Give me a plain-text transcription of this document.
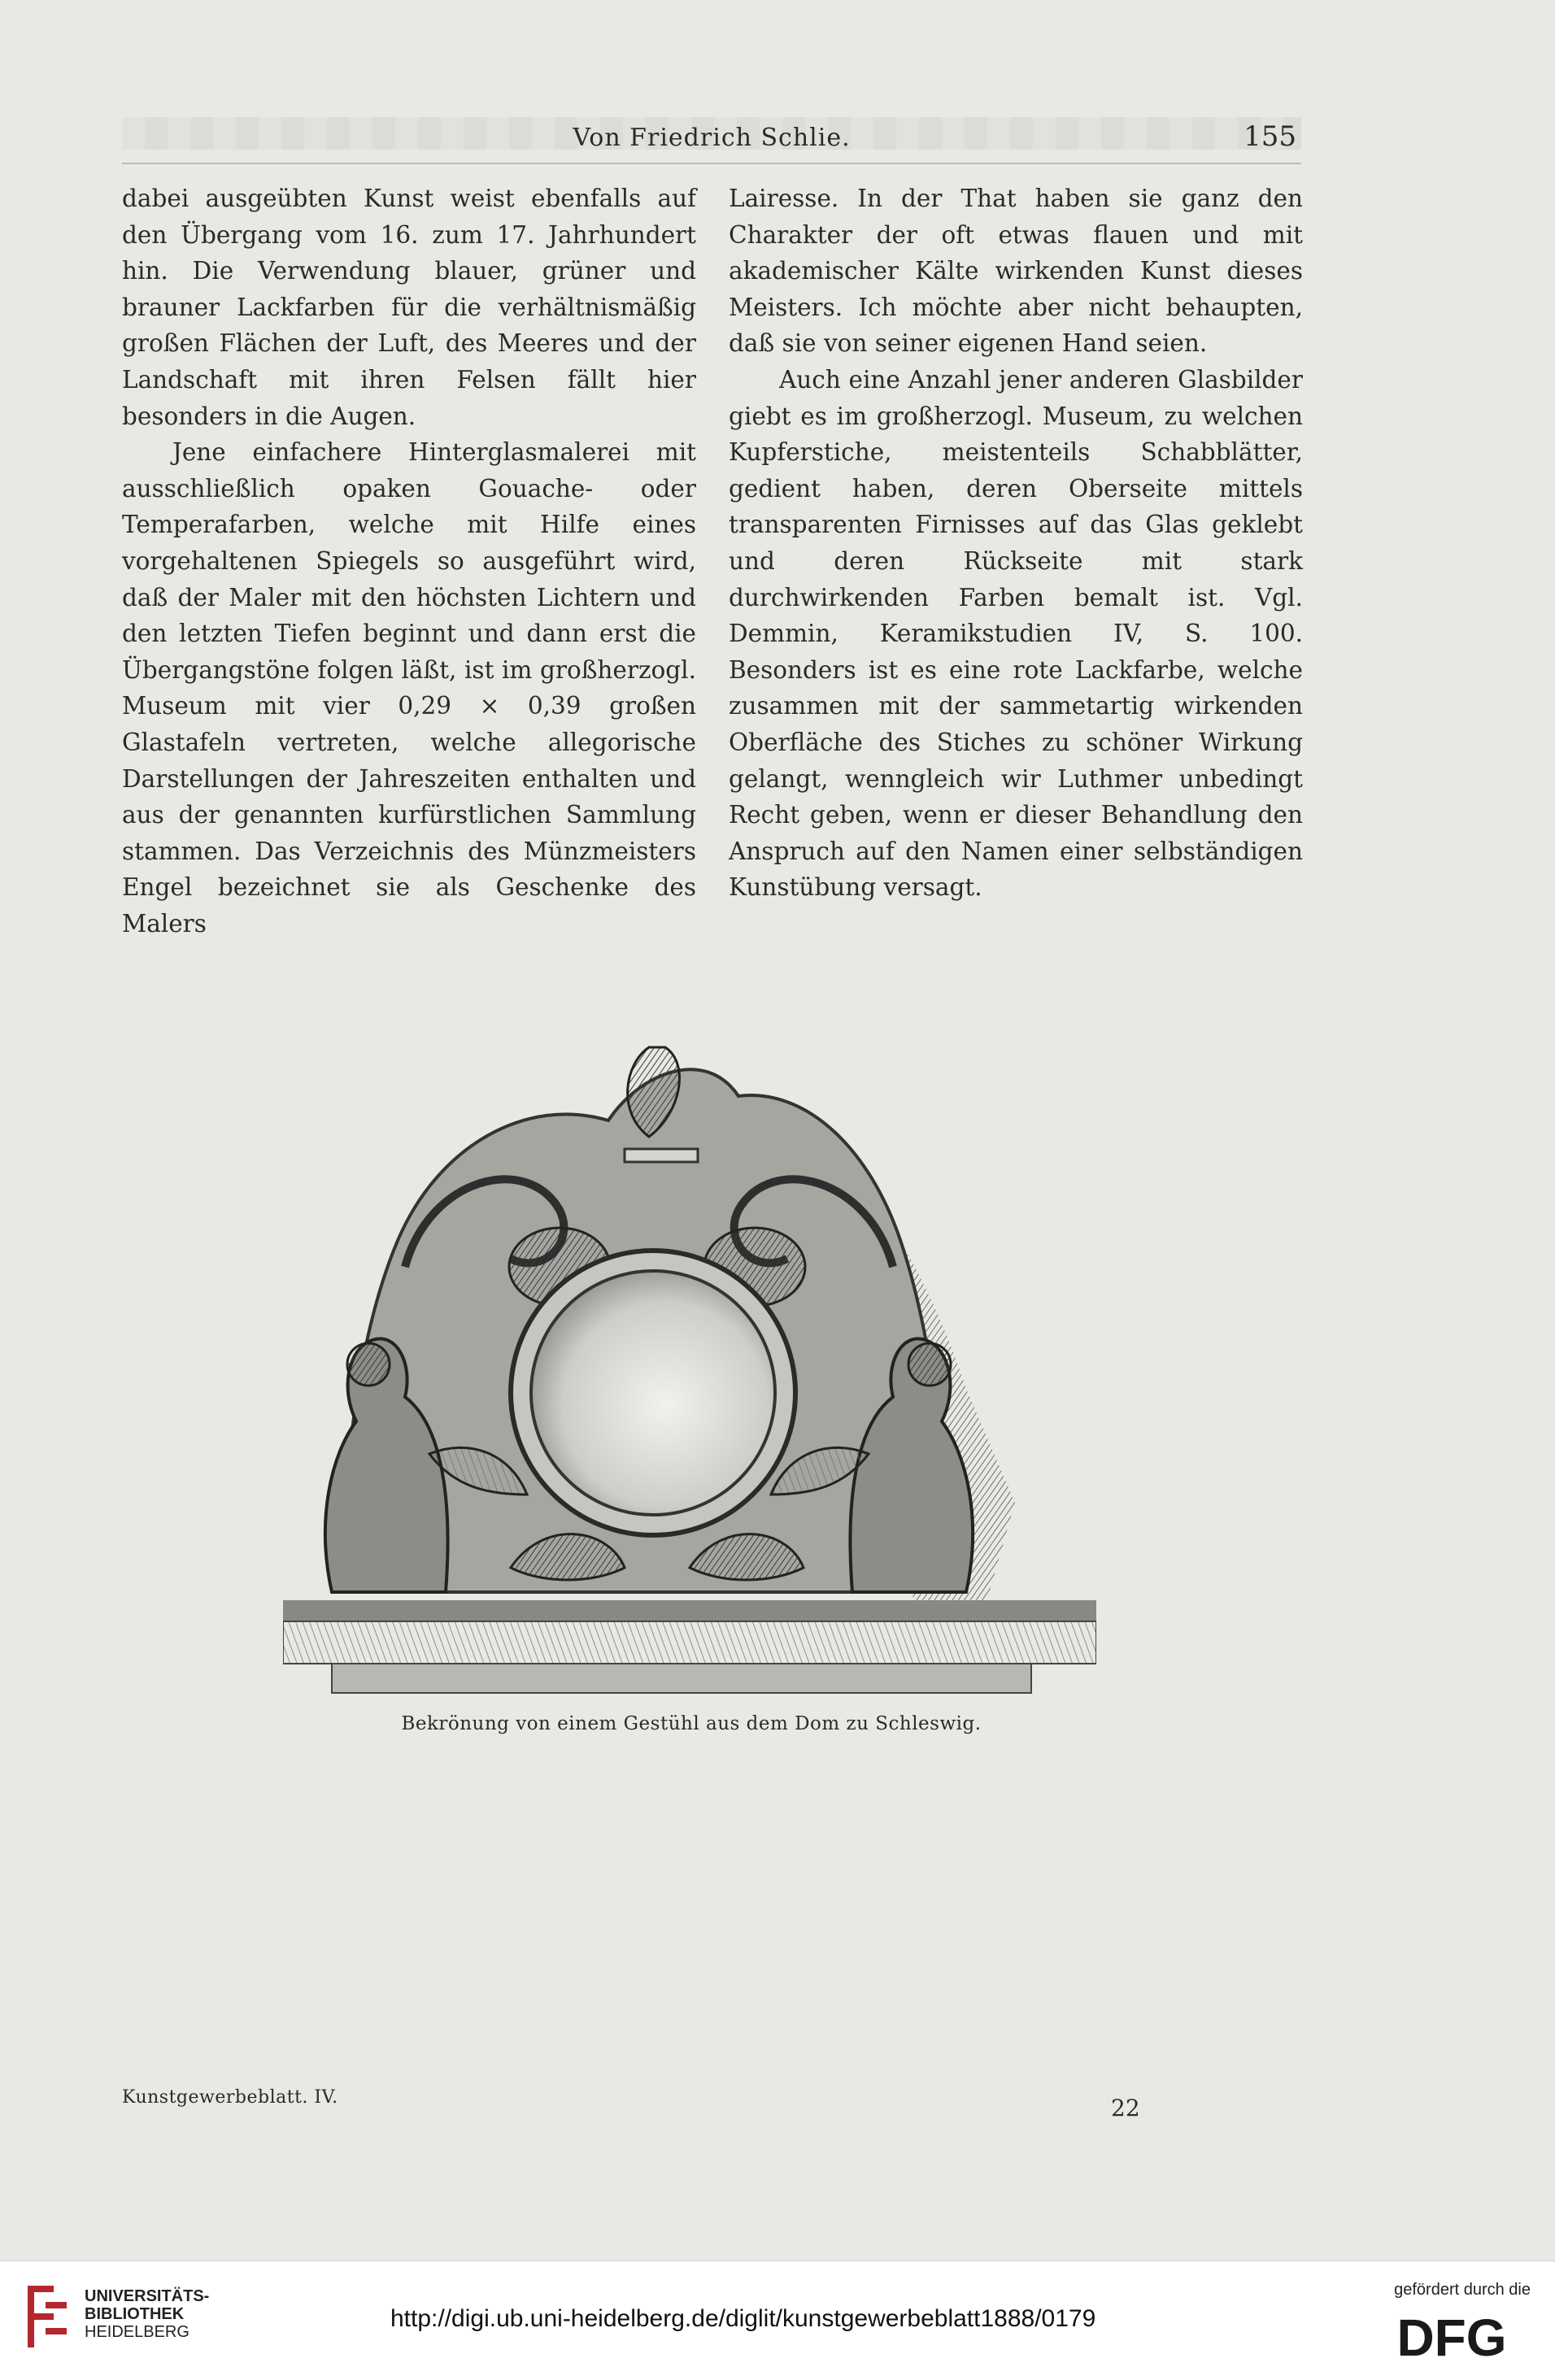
Von Friedrich Schlie.	155

dabei ausgeübten Kunst weist ebenfalls auf den Übergang vom 16. zum 17. Jahrhundert hin. Die Verwendung blauer, grüner und brauner Lackfarben für die verhältnismäßig großen Flächen der Luft, des Meeres und der Landschaft mit ihren Felsen fällt hier besonders in die Augen.

Jene einfachere Hinterglasmalerei mit ausschließlich opaken Gouache- oder Temperafarben, welche mit Hilfe eines vorgehaltenen Spiegels so ausgeführt wird, daß der Maler mit den höchsten Lichtern und den letzten Tiefen beginnt und dann erst die Übergangstöne folgen läßt, ist im großherzogl. Museum mit vier 0,29 × 0,39 großen Glastafeln vertreten, welche allegorische Darstellungen der Jahreszeiten enthalten und aus der genannten kurfürstlichen Sammlung stammen. Das Verzeichnis des Münzmeisters Engel bezeichnet sie als Geschenke des Malers

Lairesse. In der That haben sie ganz den Charakter der oft etwas flauen und mit akademischer Kälte wirkenden Kunst dieses Meisters. Ich möchte aber nicht behaupten, daß sie von seiner eigenen Hand seien.

Auch eine Anzahl jener anderen Glasbilder giebt es im großherzogl. Museum, zu welchen Kupferstiche, meistenteils Schabblätter, gedient haben, deren Oberseite mittels transparenten Firnisses auf das Glas geklebt und deren Rückseite mit stark durchwirkenden Farben bemalt ist. Vgl. Demmin, Keramikstudien IV, S. 100. Besonders ist es eine rote Lackfarbe, welche zusammen mit der sammetartig wirkenden Oberfläche des Stiches zu schöner Wirkung gelangt, wenngleich wir Luthmer unbedingt Recht geben, wenn er dieser Behandlung den Anspruch auf den Namen einer selbständigen Kunstübung versagt.

Bekrönung von einem Gestühl aus dem Dom zu Schleswig.
Kunstgewerbeblatt. IV.	22
UNIVERSITÄTS-
BIBLIOTHEK
HEIDELBERG	http://digi.ub.uni-heidelberg.de/diglit/kunstgewerbeblatt1888/0179
gefördert durch die
DFG
